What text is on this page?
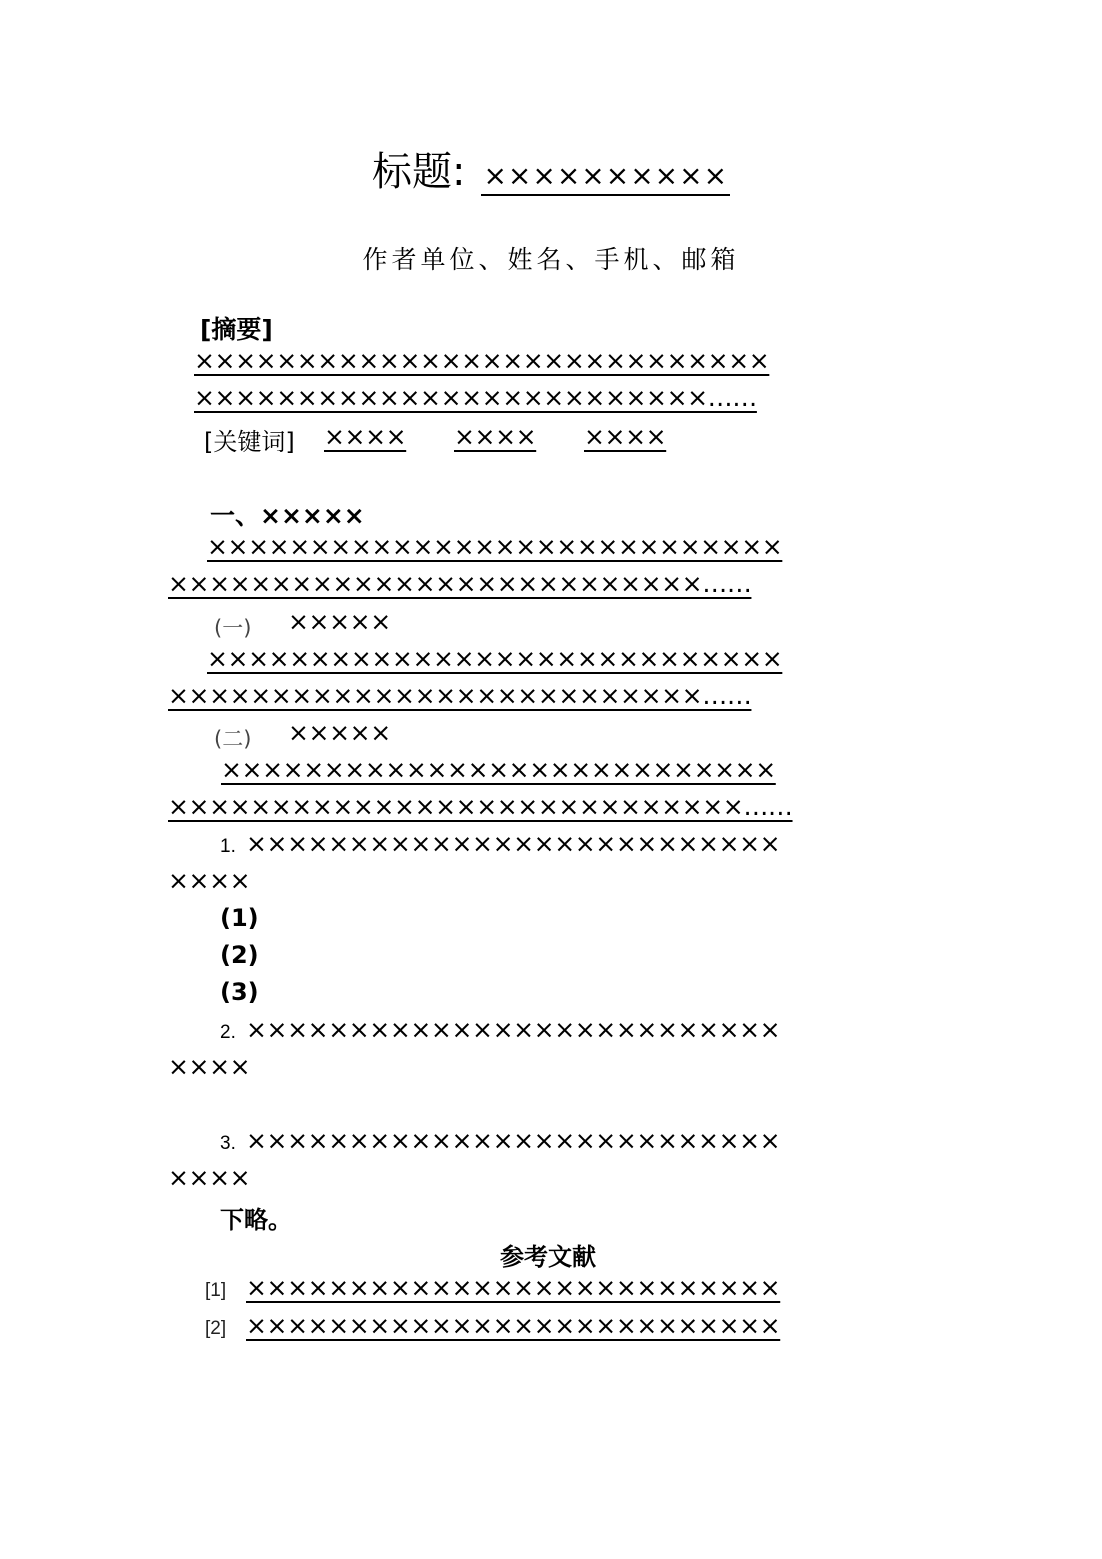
标题: ××××××××××
作者单位、姓名、手机、邮箱
[摘要]
××××××××××××××××××××××××××××
×××××××××××××××××××××××××……
[关键词] ×××× ×××× ××××
一、×××××
××××××××××××××××××××××××××××
××××××××××××××××××××××××××……
(一) ×××××
××××××××××××××××××××××××××××
××××××××××××××××××××××××××……
(二) ×××××
×××××××××××××××××××××××××××
××××××××××××××××××××××××××××……
1. ××××××××××××××××××××××××××
××××
(1)
(2)
(3)
2. ××××××××××××××××××××××××××
××××
3. ××××××××××××××××××××××××××
××××
下略。
参考文献
[1] ××××××××××××××××××××××××××
[2] ××××××××××××××××××××××××××
